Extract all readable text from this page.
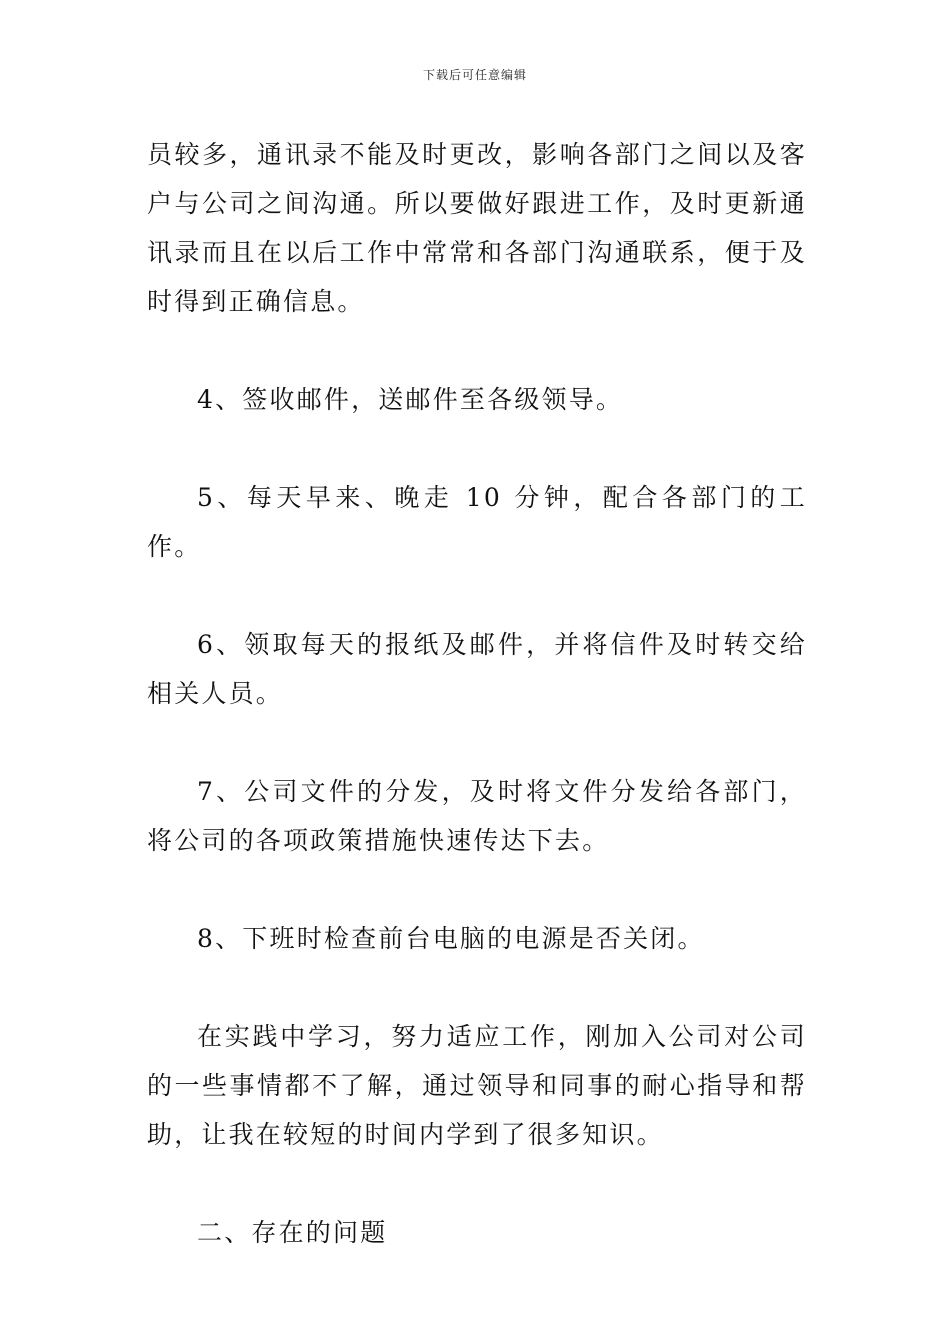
下载后可任意编辑

员较多，通讯录不能及时更改，影响各部门之间以及客户与公司之间沟通。所以要做好跟进工作，及时更新通讯录而且在以后工作中常常和各部门沟通联系，便于及时得到正确信息。

4、签收邮件，送邮件至各级领导。

5、每天早来、晚走 10 分钟，配合各部门的工作。

6、领取每天的报纸及邮件，并将信件及时转交给相关人员。

7、公司文件的分发，及时将文件分发给各部门，将公司的各项政策措施快速传达下去。

8、下班时检查前台电脑的电源是否关闭。

在实践中学习，努力适应工作，刚加入公司对公司的一些事情都不了解，通过领导和同事的耐心指导和帮助，让我在较短的时间内学到了很多知识。

二、存在的问题
